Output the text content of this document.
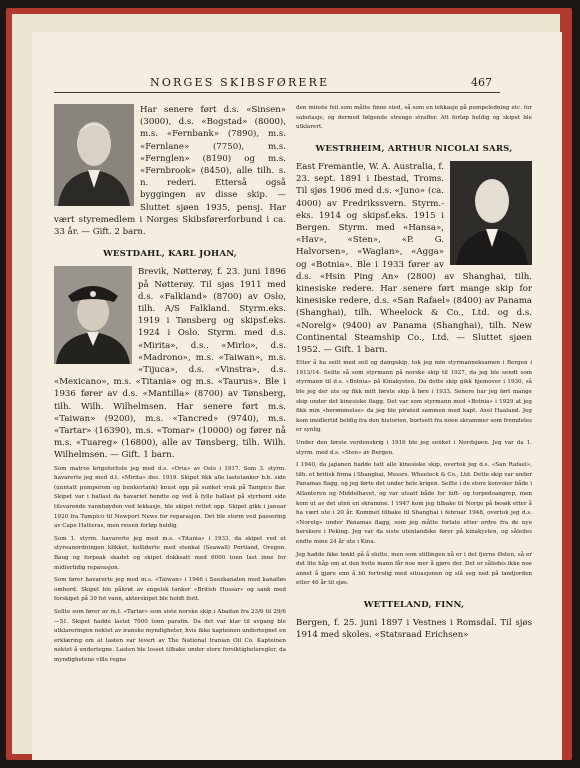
NORGES SKIBSFØRERE	467

Har senere ført d.s. «Sinsen» (3000), d.s. «Bogstad» (8000), m.s. «Fernbank» (7890), m.s. «Fernlane» (7750), m.s. «Fernglen» (8190) og m.s. «Fernbrook» (8450), alle tilh. s. n. rederi. Etterså også byggingen av disse skip. — Sluttet sjøen 1935, pensj. Har vært styremedlem i Norges Skibsførerforbund i ca. 33 år. — Gift. 2 barn.

WESTDAHL, KARL JOHAN,

Brevik, Nøtterøy, f. 23. juni 1896 på Nøtterøy. Til sjøs 1911 med d.s. «Falkland» (8700) av Oslo, tilh. A/S Falkland. Styrm.eks. 1919 i Tønsberg og skipsf.eks. 1924 i Oslo. Styrm. med d.s. «Mirita», d.s.. «Mirlo», d.s. «Madrono», m.s. «Taiwan», m.s. «Tijuca», d.s. «Vinstra», d.s. «Mexicano», m.s. «Titania» og m.s. «Taurus». Ble i 1936 fører av d.s. «Mantilla» (8700) av Tønsberg, tilh. Wilh. Wilhelmsen. Har senere ført m.s. «Taiwan» (9200), m.s. «Tancred» (9740), m.s. «Tartar» (16390), m.s. «Tomar» (10000) og fører nå m.s. «Tuareg» (16800), alle av Tønsberg, tilh. Wilh. Wilhelmsen. — Gift. 1 barn.

Som matros krigsforliste jeg med d.s. «Oria» av Oslo i 1917. Som 3. styrm. havarerte jeg med d.t. «Mirita» des. 1919. Skipet fikk alle lastetanker b.b. side (unntatt pumperom og bunkertank) knust opp på sunket vrak på Tampico Bar. Skipet var i ballast da havariet hendte og ved å fylle ballast på styrbord side tilsvarende vannhøyden ved lekkasje, ble skipet rettet opp. Skipet gikk i januar 1920 fra Tampico til Newport News for reparasjon. Det ble storm ved passering av Cape Hatteras, men reisen forløp heldig.

Som 1. styrm. havarerte jeg med m.s. «Titania» i 1933, da skipet ved et styreanordningen klikket, kolliderte med stenkal (Seawall) Portland, Oregon. Baug og forpeak skadet og skipet dokksatt med 6000 tonn last inne for midlertidig reparasjon.

Som fører havarerte jeg med m.s. «Taiwan» i 1946 i Suezkanalen med kanalløs ombord. Skipet ble påkrøt av engelsk tanker «British Hussar» og sank med forskipet på 39 fot vann, akterskipet ble holdt flott.

Sellte som fører av m.t. «Tartar» som siste norske skip i Abadan fra 23/6 til 29/6—51. Skipet hadde lastet 7000 tonn parafin. Da det var klar til avgang ble utklareringen nektet av iranske myndigheter, hvis ikke kapteinen undertegnet en erklæring om at lasten var levert av The National Iranian Oil Co. Kapteinen nektet å undertegne. Lasten ble losset tilbake under store forsiktighetsregler, da myndighetene ville regne

den minste feil som måtte finne sted, så som en lekkasje på pumpeledning etc. for sabotasje, og dermed følgende strenge straffer. Alt forløp heldig og skipet ble utklarert.

WESTRHEIM, ARTHUR NICOLAI SARS,

East Fremantle, W. A. Australia, f. 23. sept. 1891 i Ibestad, Troms. Til sjøs 1906 med d.s. «Juno» (ca. 4000) av Fredrikssvern. Styrm.-eks. 1914 og skipsf.eks. 1915 i Bergen. Styrm. med «Hansa», «Hav», «Sten», «P. G. Halvorsen», «Waglan», «Agga» og «Botnia». Ble i 1933 fører av d.s. «Hsin Ping An» (2800) av Shanghai, tilh. kinesiske redere. Har senere ført mange skip for kinesiske redere, d.s. «San Rafael» (8400) av Panama (Shanghai), tilh. Wheelock & Co., Ltd. og d.s. «Norelg» (9400) av Panama (Shanghai), tilh. New Continental Steamship Co., Ltd. — Sluttet sjøen 1952. — Gift. 1 barn.

Etter å ha seilt med seil og dampskip, tok jeg min styrmanneksamen i Bergen i 1913/14. Seilte så som styrmann på norske skip til 1927, da jeg ble sendt som styrmann til d.s. «Botnia» på Kinakysten. Da dette skip gikk hjemover i 1930, så ble jeg der ute og fikk mitt første skip å føre i 1933. Senere har jeg ført mange skip under det kinesiske flagg. Det var som styrmann med «Botnia» i 1929 at jeg fikk min «berømmelse» da jeg ble pirated sammen med kapt. Axel Haaland. Jeg kom imidlertid heldig fra den historien, bortsett fra noen skrammer som fremdeles er synlig.

Under den første verdenskrig i 1916 ble jeg senket i Nordsjøen. Jeg var da 1. styrm. med d.s. «Sten» av Bergen.

I 1940, da japanen hadde tatt alle kinesiske skip, overtok jeg d.s. «San Rafael», tilh. et britisk firma i Shanghai, Messrs. Wheelock & Co., Ltd. Dette skip var under Panamas flagg, og jeg førte det under hele krigen. Seilte i de store konvoier både i Atlanteren og Middelhavet, og var utsatt både for luft- og torpedoangrep, men kom ut av det uten en skramme. I 1947 kom jeg tilbake til Norge på besøk etter å ha vært ute i 20 år. Kommet tilbake til Shanghai i februar 1948, overtok jeg d.s. «Norelg» under Panamas flagg, som jeg måtte forlate etter ordre fra de nye herskere i Peking. Jeg var da siste utenlandske fører på kinakysten, og således endte mine 24 år ute i Kina.

Jeg hadde ikke tenkt på å slutte, men som stillingen nå er i det fjerne Østen, så er det lite håp om at den hvite mann får noe mer å gjøre der. Det er således ikke noe annet å gjøre enn å bli fortrolig med situasjonen og slå seg ned på landjorden etter 46 år til sjøs.

WETTELAND, FINN,

Bergen, f. 25. juni 1897 i Vestnes i Romsdal. Til sjøs 1914 med skoles. «Statsraad Erichsen»
